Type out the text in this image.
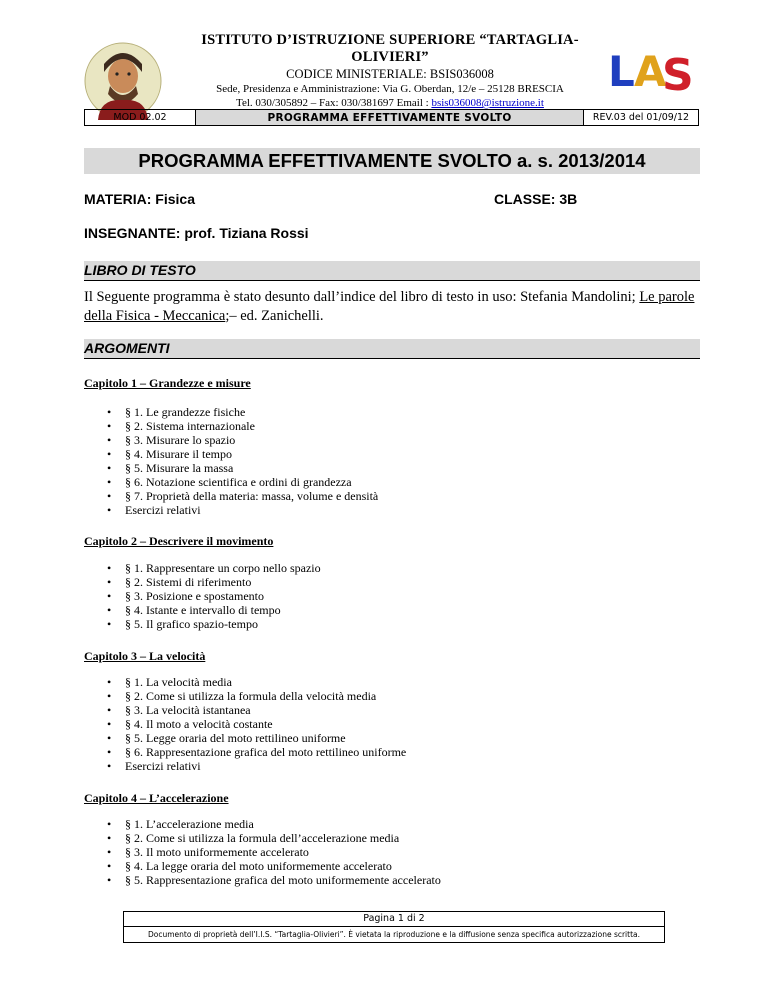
ISTITUTO D’ISTRUZIONE SUPERIORE “TARTAGLIA-
OLIVIERI”
CODICE MINISTERIALE: BSIS036008
Sede, Presidenza e Amministrazione: Via G. Oberdan, 12/e – 25128 BRESCIA
Tel. 030/305892 – Fax: 030/381697 Email : bsis036008@istruzione.it
L A
S
MOD 02.02	PROGRAMMA EFFETTIVAMENTE SVOLTO	REV.03 del 01/09/12
PROGRAMMA EFFETTIVAMENTE SVOLTO a. s. 2013/2014
MATERIA: Fisica	CLASSE: 3B
INSEGNANTE: prof. Tiziana Rossi
LIBRO DI TESTO
Il Seguente programma è stato desunto dall’indice del libro di testo in uso: Stefania Mandolini; Le parole della Fisica - Meccanica;– ed. Zanichelli.
ARGOMENTI
Capitolo 1 – Grandezze e misure
• § 1. Le grandezze fisiche
• § 2. Sistema internazionale
• § 3. Misurare lo spazio
• § 4. Misurare il tempo
• § 5. Misurare la massa
• § 6. Notazione scientifica e ordini di grandezza
• § 7. Proprietà della materia: massa, volume e densità
• Esercizi relativi
Capitolo 2 – Descrivere il movimento
• § 1. Rappresentare un corpo nello spazio
• § 2. Sistemi di riferimento
• § 3. Posizione e spostamento
• § 4. Istante e intervallo di tempo
• § 5. Il grafico spazio-tempo
Capitolo 3 – La velocità
• § 1. La velocità media
• § 2. Come si utilizza la formula della velocità media
• § 3. La velocità istantanea
• § 4. Il moto a velocità costante
• § 5. Legge oraria del moto rettilineo uniforme
• § 6. Rappresentazione grafica del moto rettilineo uniforme
• Esercizi relativi
Capitolo 4 – L’accelerazione
• § 1. L’accelerazione media
• § 2. Come si utilizza la formula dell’accelerazione media
• § 3. Il moto uniformemente accelerato
• § 4. La legge oraria del moto uniformemente accelerato
• § 5. Rappresentazione grafica del moto uniformemente accelerato
Pagina 1 di 2
Documento di proprietà dell’I.I.S. “Tartaglia-Olivieri”. È vietata la riproduzione e la diffusione senza specifica autorizzazione scritta.
